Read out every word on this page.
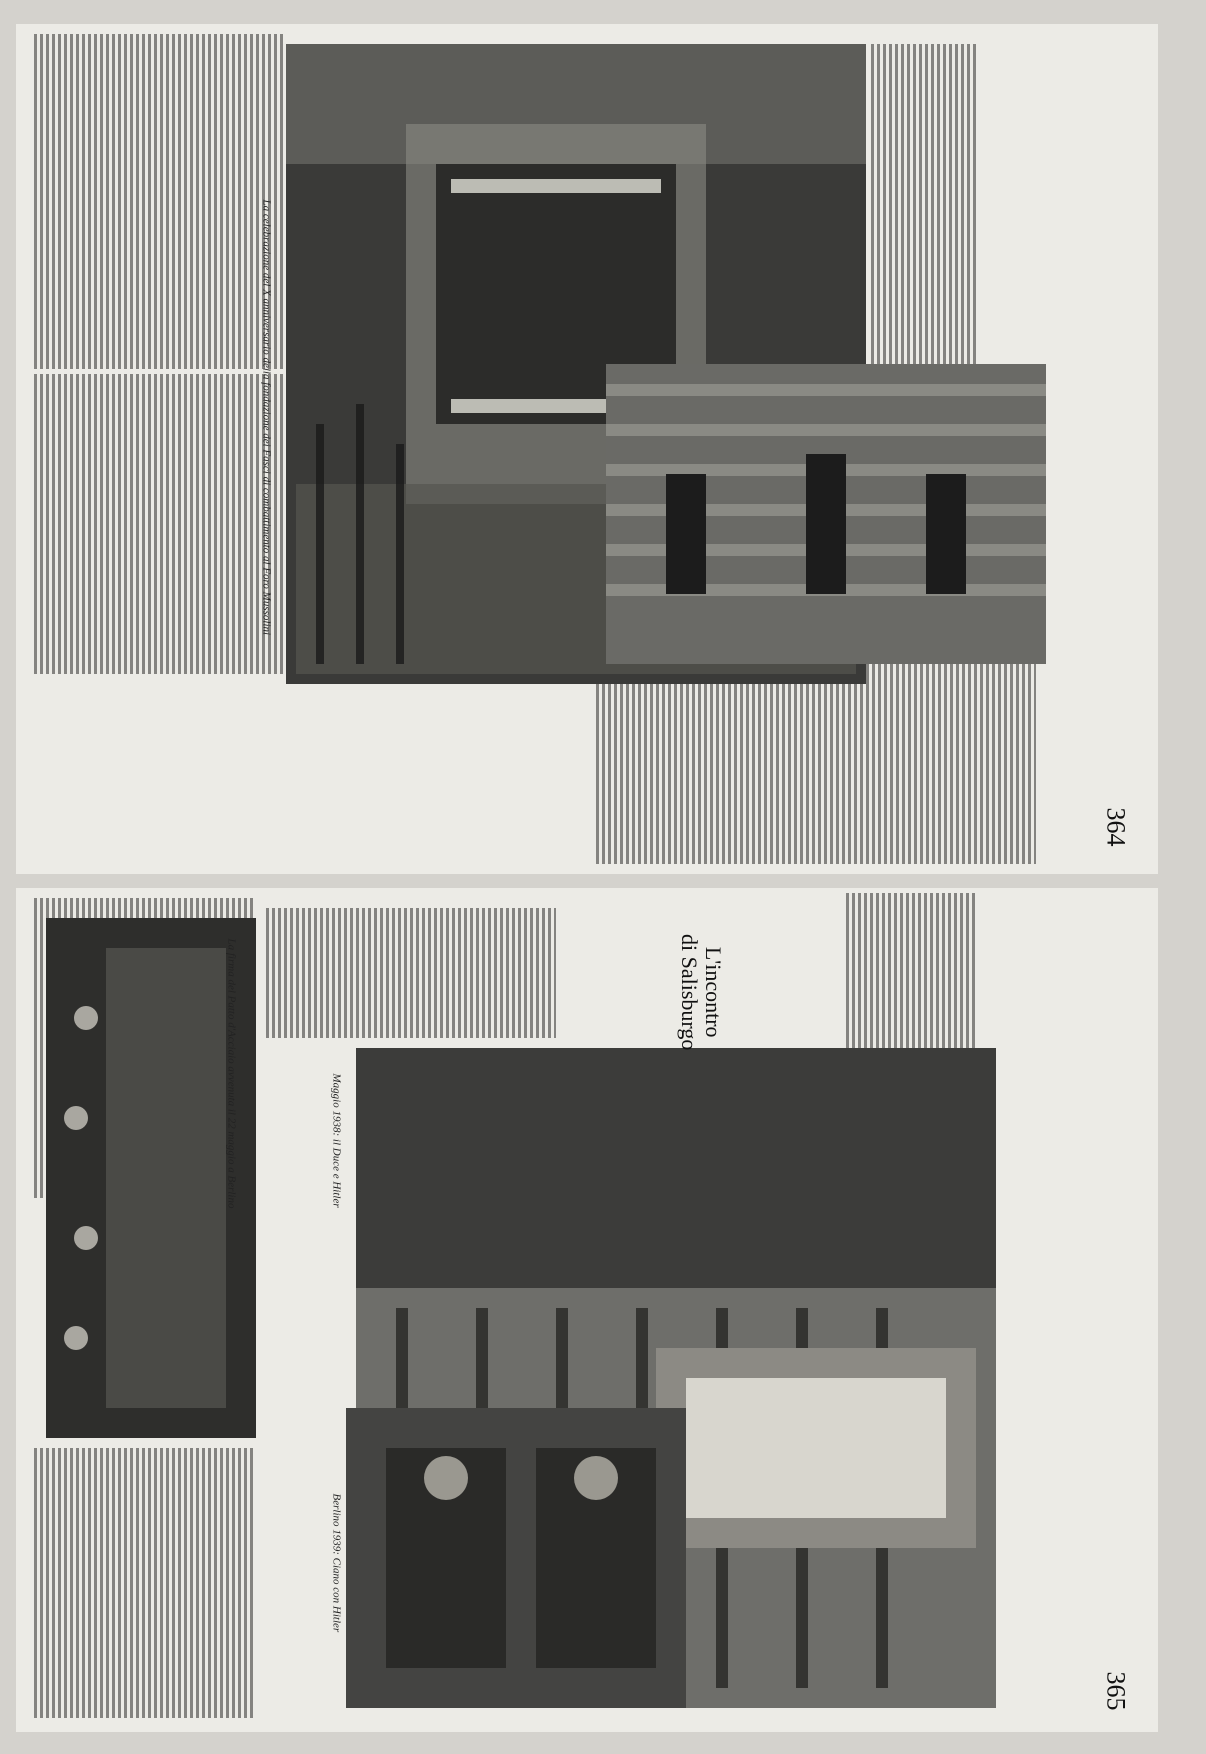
La celebrazione del X anniversario della fondazione dei Fasci di combattimento al Foro Mussolini
364
L'incontro
di Salisburgo
La firma del Patto d'Acciaio avvenuta il 22 maggio a Berlino	Maggio 1938: il Duce e Hitler
Berlino 1939: Ciano con Hitler
365
